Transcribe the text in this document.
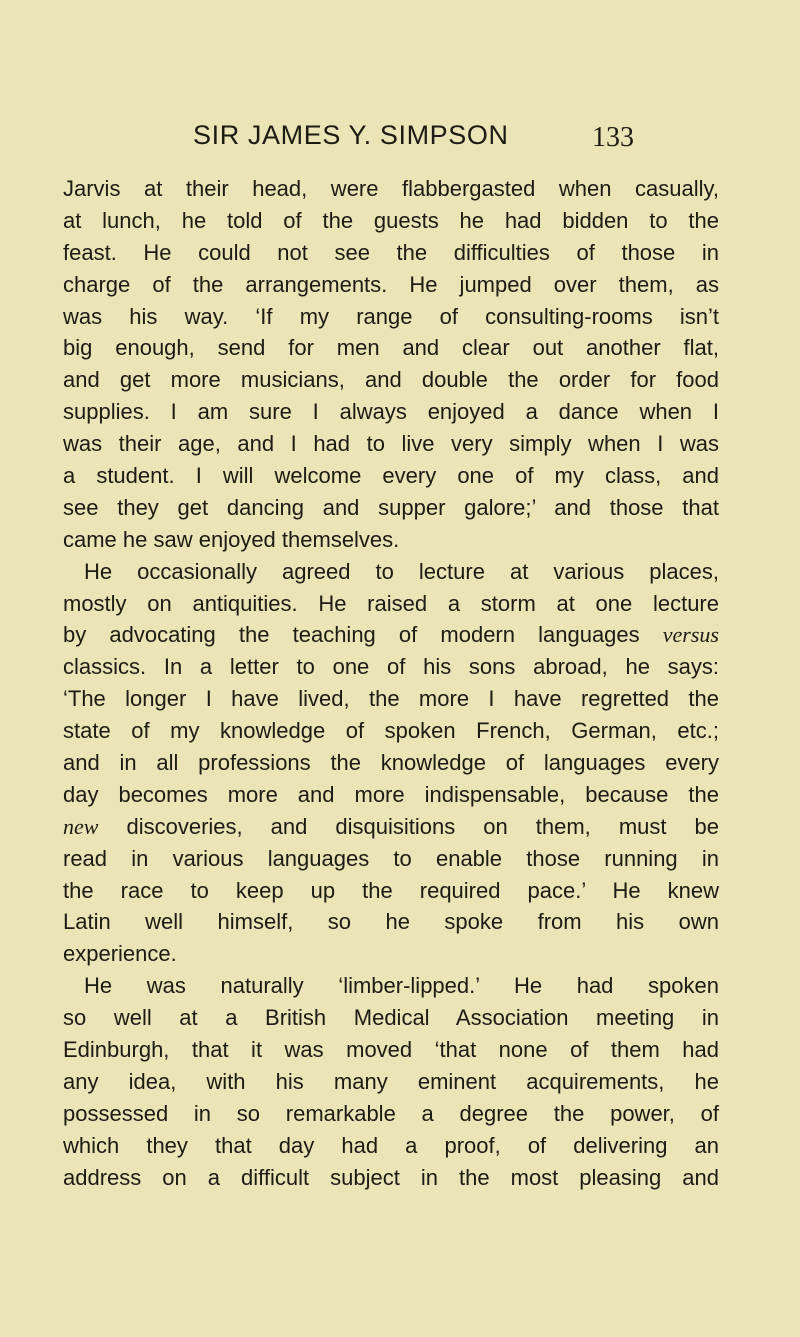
SIR JAMES Y. SIMPSON	133
Jarvis at their head, were flabbergasted when casually,
at lunch, he told of the guests he had bidden to the
feast. He could not see the difficulties of those in
charge of the arrangements. He jumped over them, as
was his way. ‘If my range of consulting-rooms isn’t
big enough, send for men and clear out another flat,
and get more musicians, and double the order for food
supplies. I am sure I always enjoyed a dance when I
was their age, and I had to live very simply when I was
a student. I will welcome every one of my class, and
see they get dancing and supper galore;’ and those that
came he saw enjoyed themselves.
He occasionally agreed to lecture at various places,
mostly on antiquities. He raised a storm at one lecture
by advocating the teaching of modern languages versus
classics. In a letter to one of his sons abroad, he says:
‘The longer I have lived, the more I have regretted the
state of my knowledge of spoken French, German, etc.;
and in all professions the knowledge of languages every
day becomes more and more indispensable, because the
new discoveries, and disquisitions on them, must be
read in various languages to enable those running in
the race to keep up the required pace.’ He knew
Latin well himself, so he spoke from his own
experience.
He was naturally ‘limber-lipped.’ He had spoken
so well at a British Medical Association meeting in
Edinburgh, that it was moved ‘that none of them had
any idea, with his many eminent acquirements, he
possessed in so remarkable a degree the power, of
which they that day had a proof, of delivering an
address on a difficult subject in the most pleasing and
